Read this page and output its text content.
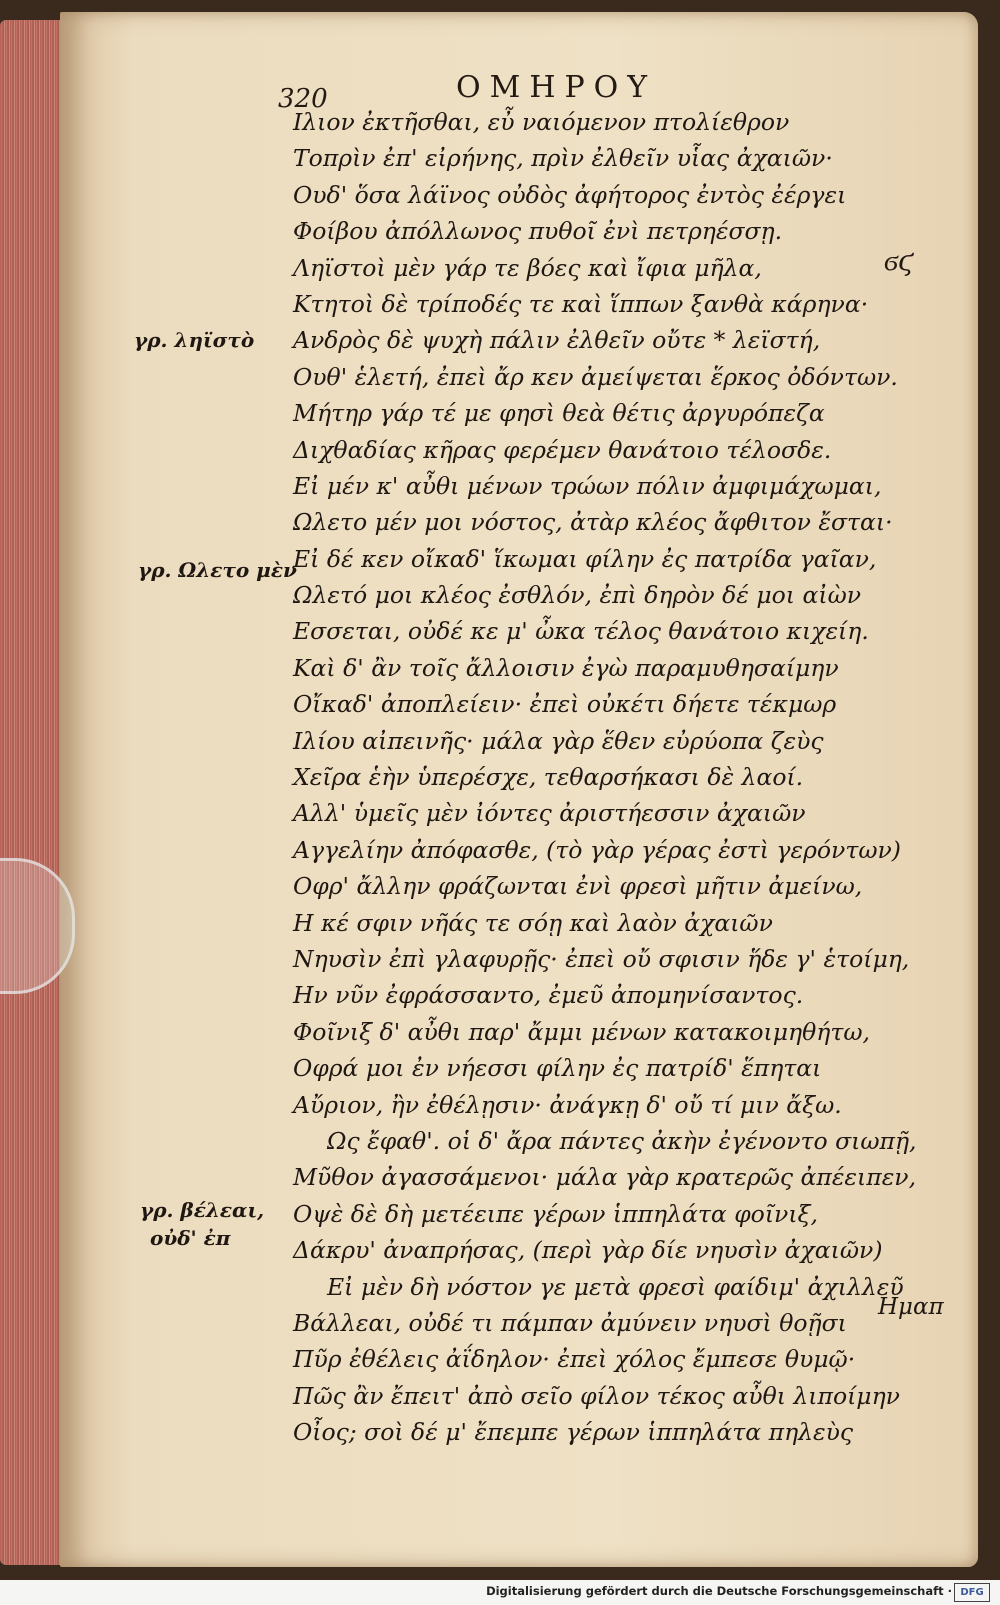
320	ΟΜΗΡΟΥ
ϭϛ
Ιλιον ἐκτῆσθαι, εὖ ναιόμενον πτολίεθρον
Τοπρὶν ἐπ' εἰρήνης, πρὶν ἐλθεῖν υἷας ἀχαιῶν·
Ουδ' ὅσα λάϊνος οὐδὸς ἀφήτορος ἐντὸς ἐέργει
Φοίβου ἀπόλλωνος πυθοῖ ἐνὶ πετρηέσσῃ.
Ληϊστοὶ μὲν γάρ τε βόες καὶ ἴφια μῆλα,
Κτητοὶ δὲ τρίποδές τε καὶ ἵππων ξανθὰ κάρηνα·
Ανδρὸς δὲ ψυχὴ πάλιν ἐλθεῖν οὔτε * λεϊστή,
Ουθ' ἑλετή, ἐπεὶ ἄρ κεν ἀμείψεται ἕρκος ὀδόντων.
Μήτηρ γάρ τέ με φησὶ θεὰ θέτις ἀργυρόπεζα
Διχθαδίας κῆρας φερέμεν θανάτοιο τέλοσδε.
Εἰ μέν κ' αὖθι μένων τρώων πόλιν ἀμφιμάχωμαι,
Ωλετο μέν μοι νόστος, ἀτὰρ κλέος ἄφθιτον ἔσται·
Εἰ δέ κεν οἴκαδ' ἵκωμαι φίλην ἐς πατρίδα γαῖαν,
Ωλετό μοι κλέος ἐσθλόν, ἐπὶ δηρὸν δέ μοι αἰὼν
Εσσεται, οὐδέ κε μ' ὦκα τέλος θανάτοιο κιχείη.
Καὶ δ' ἂν τοῖς ἄλλοισιν ἐγὼ παραμυθησαίμην
Οἴκαδ' ἀποπλείειν· ἐπεὶ οὐκέτι δήετε τέκμωρ
Ιλίου αἰπεινῆς· μάλα γὰρ ἕθεν εὐρύοπα ζεὺς
Χεῖρα ἑὴν ὑπερέσχε, τεθαρσήκασι δὲ λαοί.
Αλλ' ὑμεῖς μὲν ἰόντες ἀριστήεσσιν ἀχαιῶν
Αγγελίην ἀπόφασθε, (τὸ γὰρ γέρας ἐστὶ γερόντων)
Οφρ' ἄλλην φράζωνται ἐνὶ φρεσὶ μῆτιν ἀμείνω,
Η κέ σφιν νῆάς τε σόῃ καὶ λαὸν ἀχαιῶν
Νηυσὶν ἐπὶ γλαφυρῇς· ἐπεὶ οὔ σφισιν ἥδε γ' ἑτοίμη,
Ην νῦν ἐφράσσαντο, ἐμεῦ ἀπομηνίσαντος.
Φοῖνιξ δ' αὖθι παρ' ἄμμι μένων κατακοιμηθήτω,
Οφρά μοι ἐν νήεσσι φίλην ἐς πατρίδ' ἕπηται
Αὔριον, ἢν ἐθέλῃσιν· ἀνάγκῃ δ' οὔ τί μιν ἄξω.
Ως ἔφαθ'. οἱ δ' ἄρα πάντες ἀκὴν ἐγένοντο σιωπῇ,
Μῦθον ἀγασσάμενοι· μάλα γὰρ κρατερῶς ἀπέειπεν,
Οψὲ δὲ δὴ μετέειπε γέρων ἱππηλάτα φοῖνιξ,
Δάκρυ' ἀναπρήσας, (περὶ γὰρ δίε νηυσὶν ἀχαιῶν)
Εἰ μὲν δὴ νόστον γε μετὰ φρεσὶ φαίδιμ' ἀχιλλεῦ
Βάλλεαι, οὐδέ τι πάμπαν ἀμύνειν νηυσὶ θοῇσι
Πῦρ ἐθέλεις ἀΐδηλον· ἐπεὶ χόλος ἔμπεσε θυμῷ·
Πῶς ἂν ἔπειτ' ἀπὸ σεῖο φίλον τέκος αὖθι λιποίμην
Οἶος; σοὶ δέ μ' ἔπεμπε γέρων ἱππηλάτα πηλεὺς
γρ. ληϊστὸ
γρ. Ωλετο μὲν
γρ. βέλεαι,
οὐδ' ἐπ
Ημαπ
Digitalisierung gefördert durch die Deutsche Forschungsgemeinschaft · DFG
